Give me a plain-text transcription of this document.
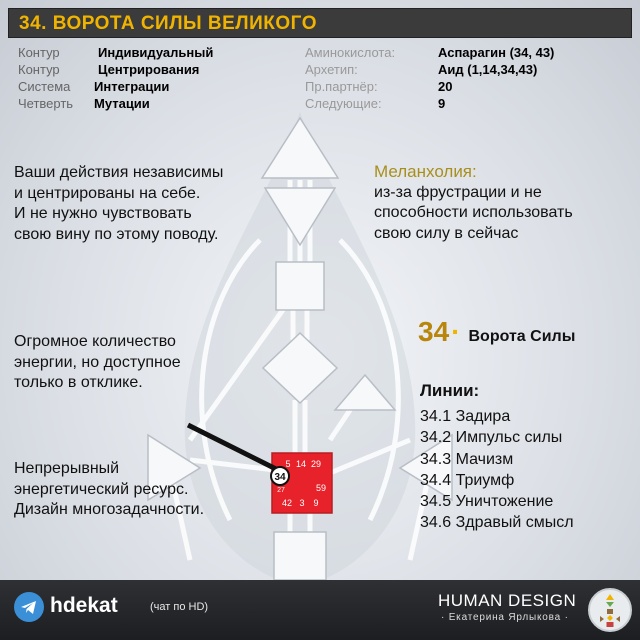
5 14 29
59
27
42 3 9
34
34. ВОРОТА СИЛЫ ВЕЛИКОГО
Контур	Индивидуальный
Контур	Центрирования
Система Интеграции
Четверть Мутации
Аминокислота:	Аспарагин (34, 43)
Архетип:	Аид (1,14,34,43)
Пр.партнёр:	20
Следующие:	9
Ваши действия независимы
и центрированы на себе.
И не нужно чувствовать
свою вину по этому поводу.
Меланхолия:
из-за фрустрации и не
способности использовать
свою силу в сейчас
Огромное количество
энергии, но доступное
только в отклике.
Непрерывный
энергетический ресурс.
Дизайн многозадачности.
34 · Ворота Силы
Линии:
34.1 Задира
34.2 Импульс силы
34.3 Мачизм
34.4 Триумф
34.5 Уничтожение
34.6 Здравый смысл
hdekat	(чат по HD)	HUMAN DESIGN
· Екатерина Ярлыкова ·
